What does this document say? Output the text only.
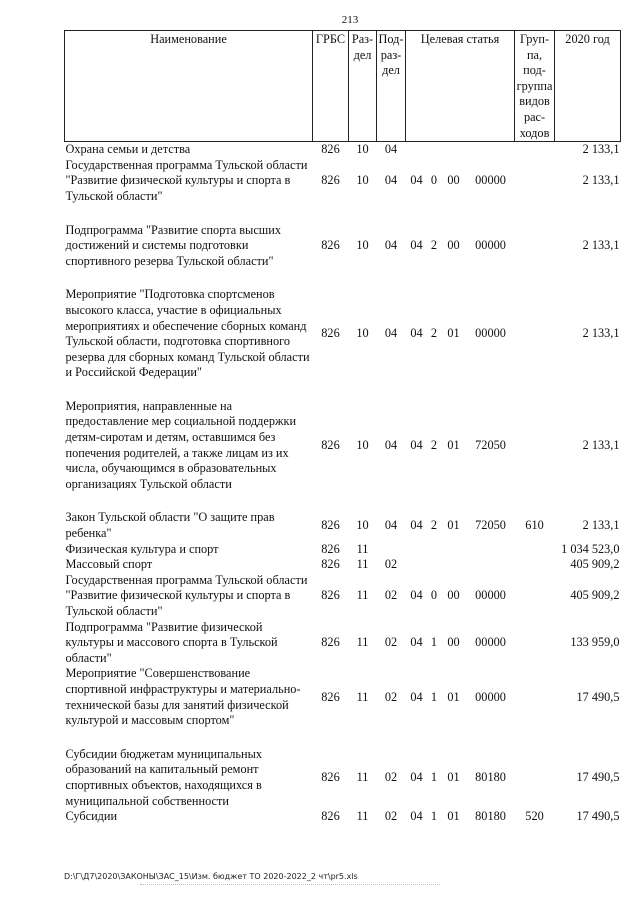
213
Наименование	ГРБС	Раз-дел	Под-раз-дел	Целевая статья				Груп-па, под-группа видов рас-ходов	2020 год
Охрана семьи и детства	826	10	04						2 133,1
Государственная программа Тульской области "Развитие физической культуры и спорта в Тульской области"	826	10	04	04	0	00	00000		2 133,1

Подпрограмма "Развитие спорта высших достижений и системы подготовки спортивного резерва Тульской области"	826	10	04	04	2	00	00000		2 133,1

Мероприятие "Подготовка спортсменов высокого класса, участие в официальных мероприятиях и обеспечение сборных команд Тульской области, подготовка спортивного резерва для сборных команд Тульской области и Российской Федерации"	826	10	04	04	2	01	00000		2 133,1

Мероприятия, направленные на предоставление мер социальной поддержки детям-сиротам и детям, оставшимся без попечения родителей, а также лицам из их числа, обучающимся в образовательных организациях Тульской области	826	10	04	04	2	01	72050		2 133,1

Закон Тульской области "О защите прав ребенка"	826	10	04	04	2	01	72050	610	2 133,1
Физическая культура и спорт	826	11							1 034 523,0
Массовый спорт	826	11	02						405 909,2
Государственная программа Тульской области "Развитие физической культуры и спорта в Тульской области"	826	11	02	04	0	00	00000		405 909,2
Подпрограмма "Развитие физической культуры и массового спорта в Тульской области"	826	11	02	04	1	00	00000		133 959,0
Мероприятие "Совершенствование спортивной инфраструктуры и материально-технической базы для занятий физической культурой и массовым спортом"	826	11	02	04	1	01	00000		17 490,5

Субсидии бюджетам муниципальных образований на капитальный ремонт спортивных объектов, находящихся в муниципальной собственности	826	11	02	04	1	01	80180		17 490,5
Субсидии	826	11	02	04	1	01	80180	520	17 490,5
D:\Г\Д7\2020\ЗАКОНЫ\ЗАС_15\Изм. бюджет ТО 2020-2022_2 чт\pr5.xls
